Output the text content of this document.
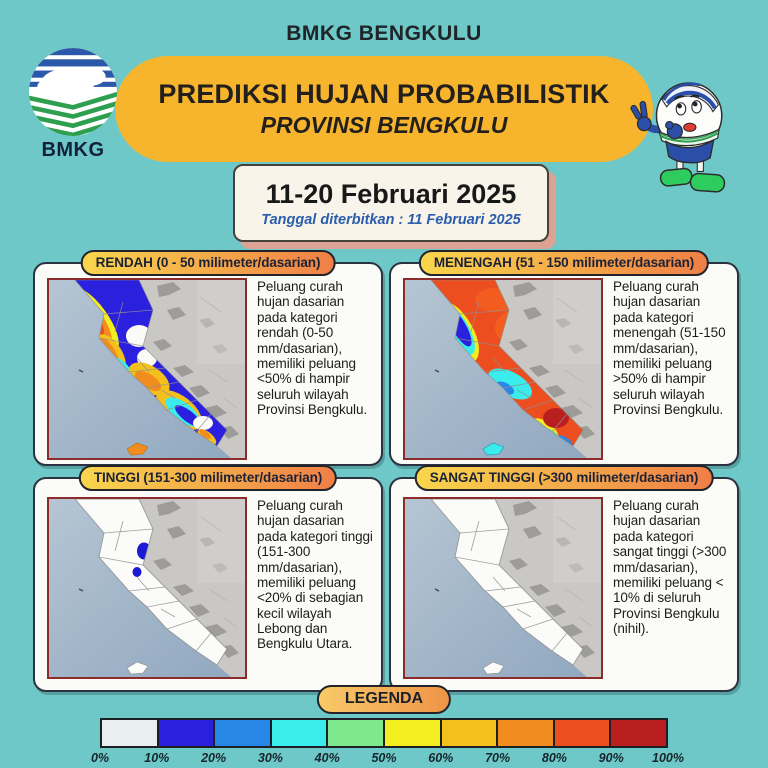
BMKG BENGKULU
PREDIKSI HUJAN PROBABILISTIK
PROVINSI BENGKULU
BMKG
11-20 Februari 2025
Tanggal diterbitkan : 11 Februari 2025
RENDAH (0 - 50 milimeter/dasarian)
Peluang curah hujan dasarian pada kategori rendah (0-50 mm/dasarian), memiliki peluang <50% di hampir seluruh wilayah Provinsi Bengkulu.
MENENGAH (51 - 150 milimeter/dasarian)
Peluang curah hujan dasarian pada kategori menengah (51-150 mm/dasarian), memiliki peluang >50% di hampir seluruh wilayah Provinsi Bengkulu.
TINGGI (151-300 milimeter/dasarian)
Peluang curah hujan dasarian pada kategori tinggi (151-300 mm/dasarian), memiliki peluang <20% di sebagian kecil wilayah Lebong dan Bengkulu Utara.
SANGAT TINGGI (>300 milimeter/dasarian)
Peluang curah hujan dasarian pada kategori sangat tinggi (>300 mm/dasarian), memiliki peluang < 10% di seluruh Provinsi Bengkulu (nihil).
LEGENDA
0%	10%	20%	30%	40%	50%	60%	70%	80%	90% 100%
